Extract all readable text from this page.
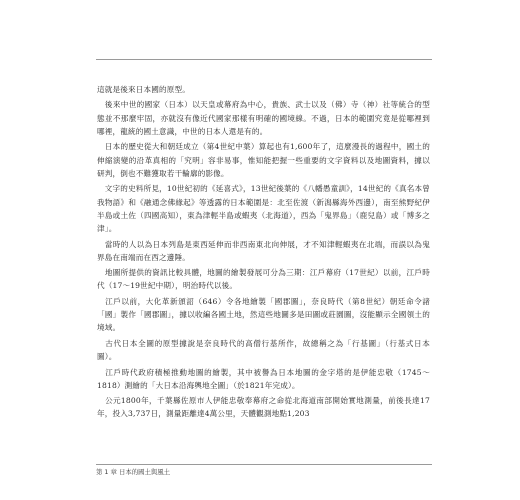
這就是後來日本國的原型。

　後來中世的國家（日本）以天皇或幕府為中心，貴族、武士以及（佛）寺（神）社等統合的型態並不那麼牢固，亦就沒有像近代國家那樣有明確的國境線。不過，日本的範圍究竟是從哪裡到哪裡，龍統的國土意識，中世的日本人還是有的。

　日本的歷史從大和朝廷成立（第4世紀中葉）算起也有1,600年了，這麼漫長的過程中，國土的伸縮演變的沿革真相的「究明」容非易事，惟知能把握一些重要的文字資料以及地圖資料，據以研判，倒也不難獲取若干輪廓的影像。

　文字的史料所見，10世紀初的《延喜式》，13世紀後葉的《八幡愚童訓》，14世紀的《真名本曾我物語》和《融通念佛緣起》等透露的日本範圍是：北至佐渡（新潟縣海外西邊），南至熊野紀伊半島或土佐（四國高知），東為津輕半島或蝦夷（北海道），西為「鬼界島」（鹿兒島）或「博多之津」。

　當時的人以為日本列島是東西延伸而非西南東北向伸展，才不知津輕蝦夷在北端，而誤以為鬼界島在南端而在西之邊陲。

　地圖所提供的資訊比較具體，地圖的繪製發展可分為三期：江戶幕府（17世紀）以前，江戶時代（17～19世紀中期），明治時代以後。

　江戶以前，大化革新頒詔（646）令各地繪製「國郡圖」，奈良時代（第8世紀）朝廷命令諸「國」製作「國郡圖」，據以收編各國土地，然這些地圖多是田圖或莊園圖，沒能顯示全國領土的境域。

　古代日本全圖的原型據說是奈良時代的高僧行基所作，故總稱之為「行基圖」（行基式日本圖）。

　江戶時代政府積極推動地圖的繪製，其中被譽為日本地圖的金字塔的是伊能忠敬（1745～1818）測繪的「大日本沿海輿地全圖」（於1821年完成）。

　公元1800年，千葉縣佐原市人伊能忠敬奉幕府之命從北海道南部開始實地測量，前後長達17年，投入3,737日，測量距離達4萬公里，天體觀測地點1,203

第 1 章 日本的國土與風土
